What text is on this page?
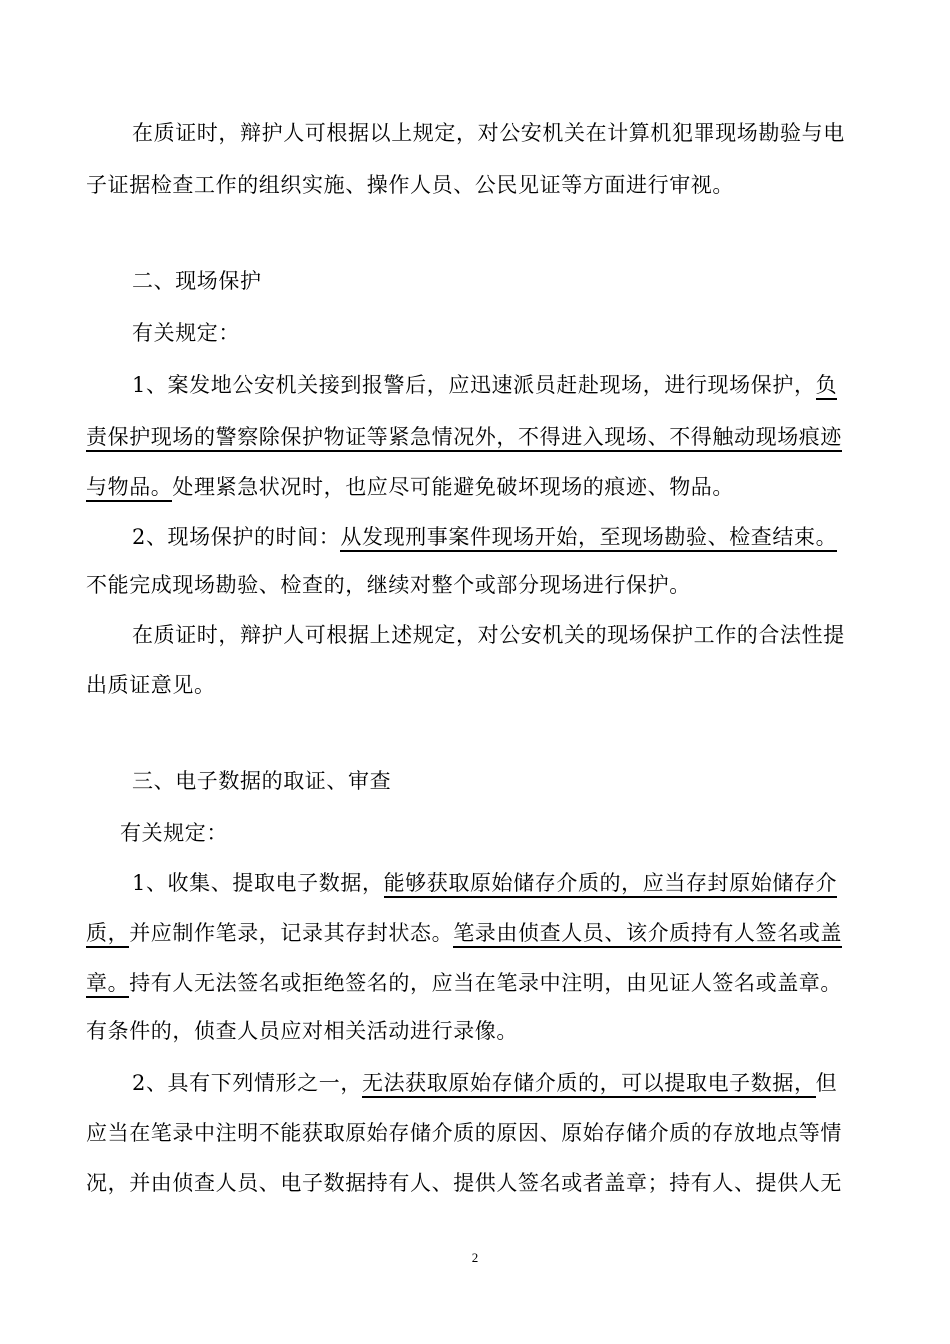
在质证时，辩护人可根据以上规定，对公安机关在计算机犯罪现场勘验与电
子证据检查工作的组织实施、操作人员、公民见证等方面进行审视。
二、现场保护
有关规定：
1、案发地公安机关接到报警后，应迅速派员赶赴现场，进行现场保护，负
责保护现场的警察除保护物证等紧急情况外，不得进入现场、不得触动现场痕迹
与物品。处理紧急状况时，也应尽可能避免破坏现场的痕迹、物品。
2、现场保护的时间：从发现刑事案件现场开始，至现场勘验、检查结束。
不能完成现场勘验、检查的，继续对整个或部分现场进行保护。
在质证时，辩护人可根据上述规定，对公安机关的现场保护工作的合法性提
出质证意见。
三、电子数据的取证、审查
有关规定：
1、收集、提取电子数据，能够获取原始储存介质的，应当存封原始储存介
质，并应制作笔录，记录其存封状态。笔录由侦查人员、该介质持有人签名或盖
章。持有人无法签名或拒绝签名的，应当在笔录中注明，由见证人签名或盖章。
有条件的，侦查人员应对相关活动进行录像。
2、具有下列情形之一，无法获取原始存储介质的，可以提取电子数据，但
应当在笔录中注明不能获取原始存储介质的原因、原始存储介质的存放地点等情
况，并由侦查人员、电子数据持有人、提供人签名或者盖章；持有人、提供人无
2
